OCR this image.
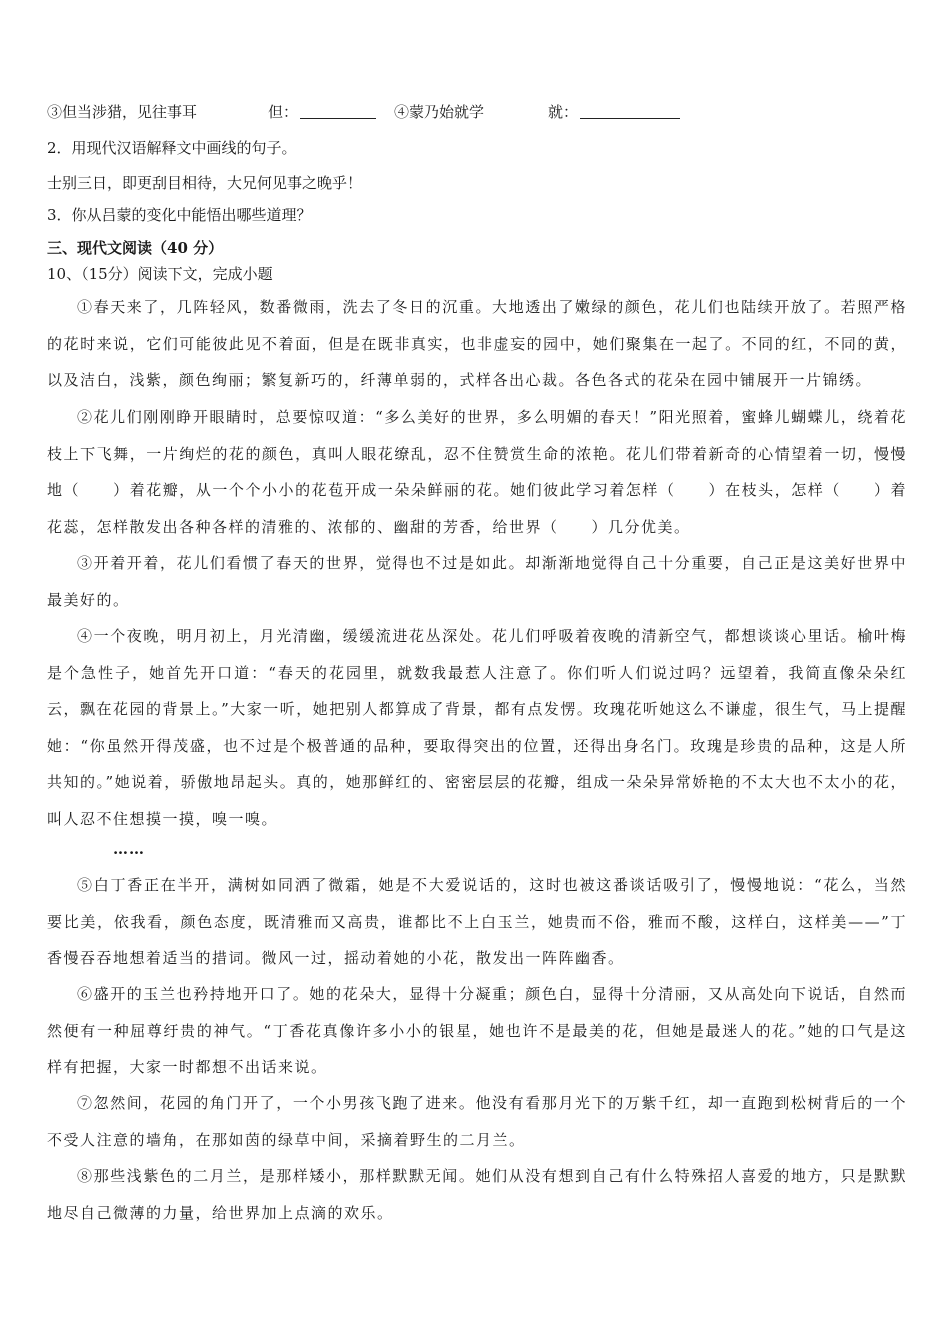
③但当涉猎，见往事耳	但：	④蒙乃始就学	就：
2．用现代汉语解释文中画线的句子。
士别三日，即更刮目相待，大兄何见事之晚乎！
3．你从吕蒙的变化中能悟出哪些道理？
三、现代文阅读（40 分）
10、（15分）阅读下文，完成小题

①春天来了，几阵轻风，数番微雨，洗去了冬日的沉重。大地透出了嫩绿的颜色，花儿们也陆续开放了。若照严格的花时来说，它们可能彼此见不着面，但是在既非真实，也非虚妄的园中，她们聚集在一起了。不同的红，不同的黄，以及洁白，浅紫，颜色绚丽；繁复新巧的，纤薄单弱的，式样各出心裁。各色各式的花朵在园中铺展开一片锦绣。

②花儿们刚刚睁开眼睛时，总要惊叹道：“多么美好的世界，多么明媚的春天！”阳光照着，蜜蜂儿蝴蝶儿，绕着花枝上下飞舞，一片绚烂的花的颜色，真叫人眼花缭乱，忍不住赞赏生命的浓艳。花儿们带着新奇的心情望着一切，慢慢地（　　）着花瓣，从一个个小小的花苞开成一朵朵鲜丽的花。她们彼此学习着怎样（　　）在枝头，怎样（　　）着花蕊，怎样散发出各种各样的清雅的、浓郁的、幽甜的芳香，给世界（　　）几分优美。

③开着开着，花儿们看惯了春天的世界，觉得也不过是如此。却渐渐地觉得自己十分重要，自己正是这美好世界中最美好的。

④一个夜晚，明月初上，月光清幽，缓缓流进花丛深处。花儿们呼吸着夜晚的清新空气，都想谈谈心里话。榆叶梅是个急性子，她首先开口道：“春天的花园里，就数我最惹人注意了。你们听人们说过吗？远望着，我简直像朵朵红云，飘在花园的背景上。”大家一听，她把别人都算成了背景，都有点发愣。玫瑰花听她这么不谦虚，很生气，马上提醒她：“你虽然开得茂盛，也不过是个极普通的品种，要取得突出的位置，还得出身名门。玫瑰是珍贵的品种，这是人所共知的。”她说着，骄傲地昂起头。真的，她那鲜红的、密密层层的花瓣，组成一朵朵异常娇艳的不太大也不太小的花，叫人忍不住想摸一摸，嗅一嗅。

……

⑤白丁香正在半开，满树如同洒了微霜，她是不大爱说话的，这时也被这番谈话吸引了，慢慢地说：“花么，当然要比美，依我看，颜色态度，既清雅而又高贵，谁都比不上白玉兰，她贵而不俗，雅而不酸，这样白，这样美——”丁香慢吞吞地想着适当的措词。微风一过，摇动着她的小花，散发出一阵阵幽香。

⑥盛开的玉兰也矜持地开口了。她的花朵大，显得十分凝重；颜色白，显得十分清丽，又从高处向下说话，自然而然便有一种屈尊纡贵的神气。“丁香花真像许多小小的银星，她也许不是最美的花，但她是最迷人的花。”她的口气是这样有把握，大家一时都想不出话来说。

⑦忽然间，花园的角门开了，一个小男孩飞跑了进来。他没有看那月光下的万紫千红，却一直跑到松树背后的一个不受人注意的墙角，在那如茵的绿草中间，采摘着野生的二月兰。

⑧那些浅紫色的二月兰，是那样矮小，那样默默无闻。她们从没有想到自己有什么特殊招人喜爱的地方，只是默默地尽自己微薄的力量，给世界加上点滴的欢乐。
